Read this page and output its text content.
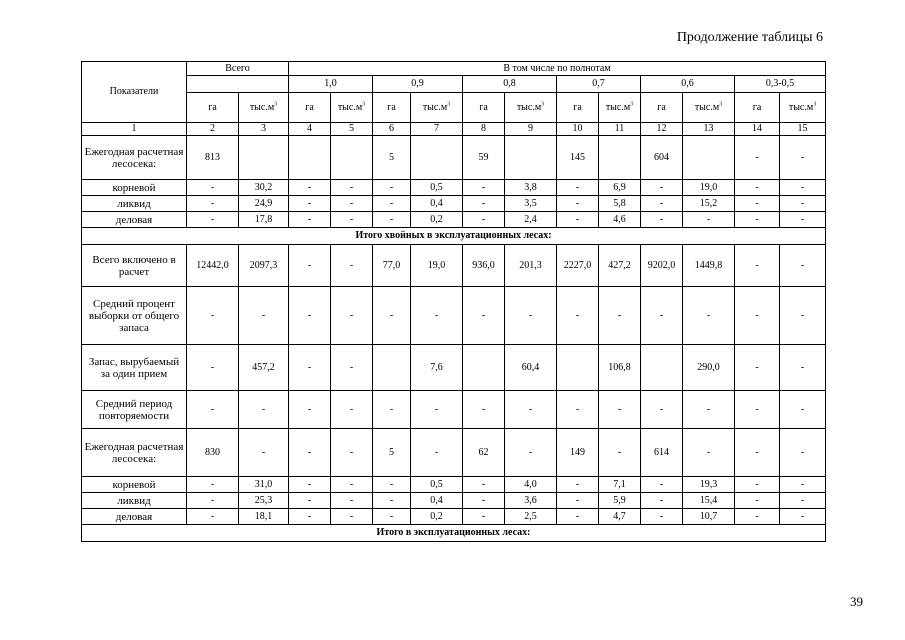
Продолжение таблицы 6
Показатели	Всего		В том числе по полнотам											
			1,0		0,9		0,8		0,7		0,6		0,3-0,5	
	га	$тыс.м^3$	га	$тыс.м^3$	га	$тыс.м^3$	га	$тыс.м^3$	га	$тыс.м^3$	га	$тыс.м^3$	га	$тыс.м^3$
1	2	3	4	5	6	7	8	9	10	11	12	13	14	15
Ежегодная расчетная лесосека:	813				5		59		145		604		-	-
корневой	-	30,2	-	-	-	0,5	-	3,8	-	6,9	-	19,0	-	-
ликвид	-	24,9	-	-	-	0,4	-	3,5	-	5,8	-	15,2	-	-
деловая	-	17,8	-	-	-	0,2	-	2,4	-	4,6	-	-	-	-
Итого хвойных в эксплуатационных лесах:														
Всего включено в расчет	12442,0	2097,3	-	-	77,0	19,0	936,0	201,3	2227,0	427,2	9202,0	1449,8	-	-
Средний процент выборки от общего запаса	-	-	-	-	-	-	-	-	-	-	-	-	-	-
Запас, вырубаемый за один прием	-	457,2	-	-		7,6		60,4		106,8		290,0	-	-
Средний период повторяемости	-	-	-	-	-	-	-	-	-	-	-	-	-	-
Ежегодная расчетная лесосека:	830	-	-	-	5	-	62	-	149	-	614	-	-	-
корневой	-	31,0	-	-	-	0,5	-	4,0	-	7,1	-	19,3	-	-
ликвид	-	25,3	-	-	-	0,4	-	3,6	-	5,9	-	15,4	-	-
деловая	-	18,1	-	-	-	0,2	-	2,5	-	4,7	-	10,7	-	-
Итого в эксплуатационных лесах:														
39
